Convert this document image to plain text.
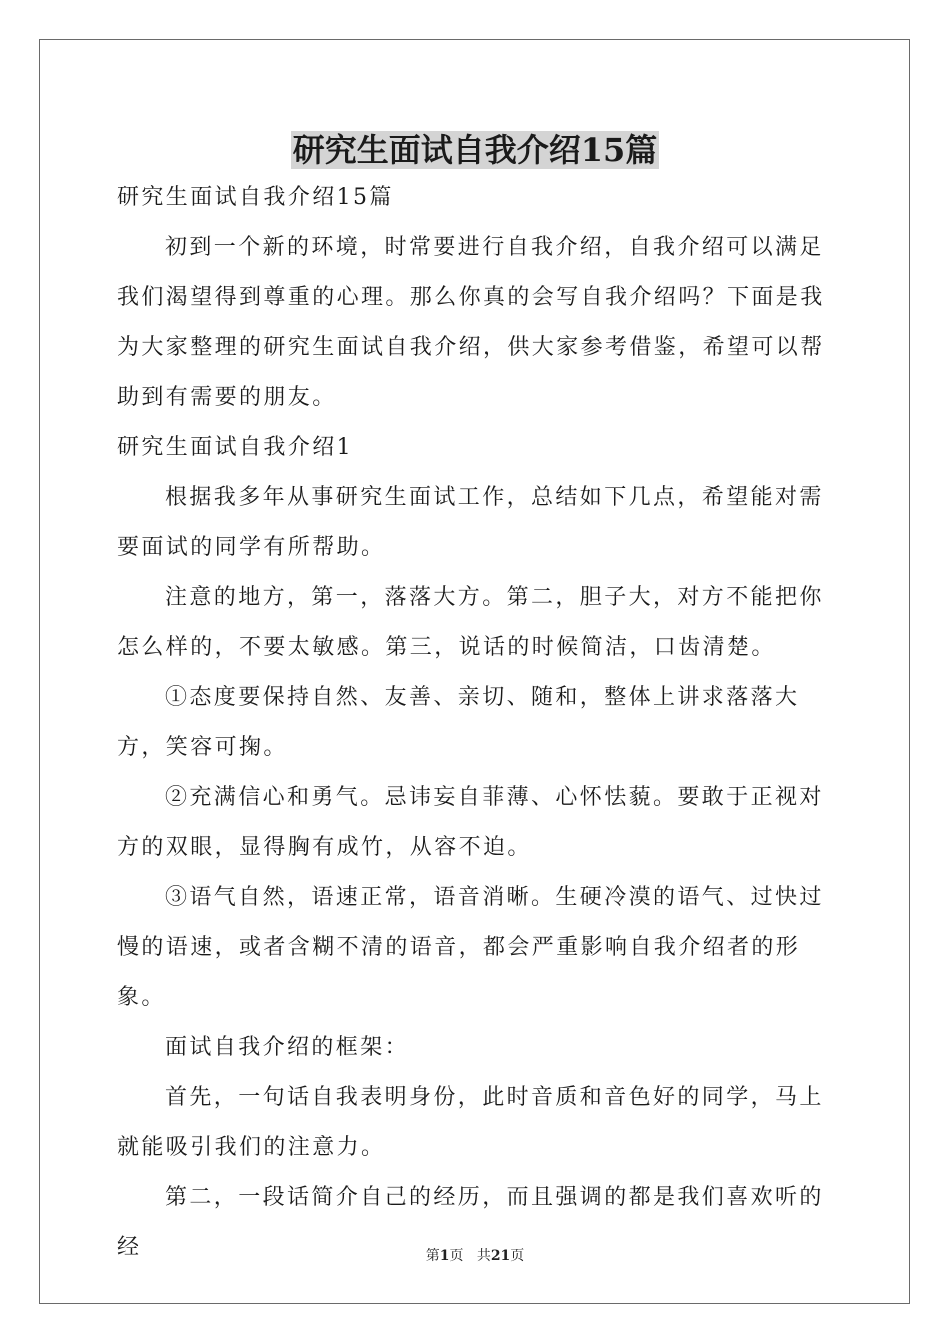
研究生面试自我介绍15篇

研究生面试自我介绍15篇

初到一个新的环境，时常要进行自我介绍，自我介绍可以满足我们渴望得到尊重的心理。那么你真的会写自我介绍吗？下面是我为大家整理的研究生面试自我介绍，供大家参考借鉴，希望可以帮助到有需要的朋友。

研究生面试自我介绍1

根据我多年从事研究生面试工作，总结如下几点，希望能对需要面试的同学有所帮助。

注意的地方，第一，落落大方。第二，胆子大，对方不能把你怎么样的，不要太敏感。第三，说话的时候简洁，口齿清楚。

①态度要保持自然、友善、亲切、随和，整体上讲求落落大方，笑容可掬。

②充满信心和勇气。忌讳妄自菲薄、心怀怯藐。要敢于正视对方的双眼，显得胸有成竹，从容不迫。

③语气自然，语速正常，语音消晰。生硬冷漠的语气、过快过慢的语速，或者含糊不清的语音，都会严重影响自我介绍者的形象。

面试自我介绍的框架：

首先，一句话自我表明身份，此时音质和音色好的同学，马上就能吸引我们的注意力。

第二，一段话简介自己的经历，而且强调的都是我们喜欢听的经	第1页 共21页
